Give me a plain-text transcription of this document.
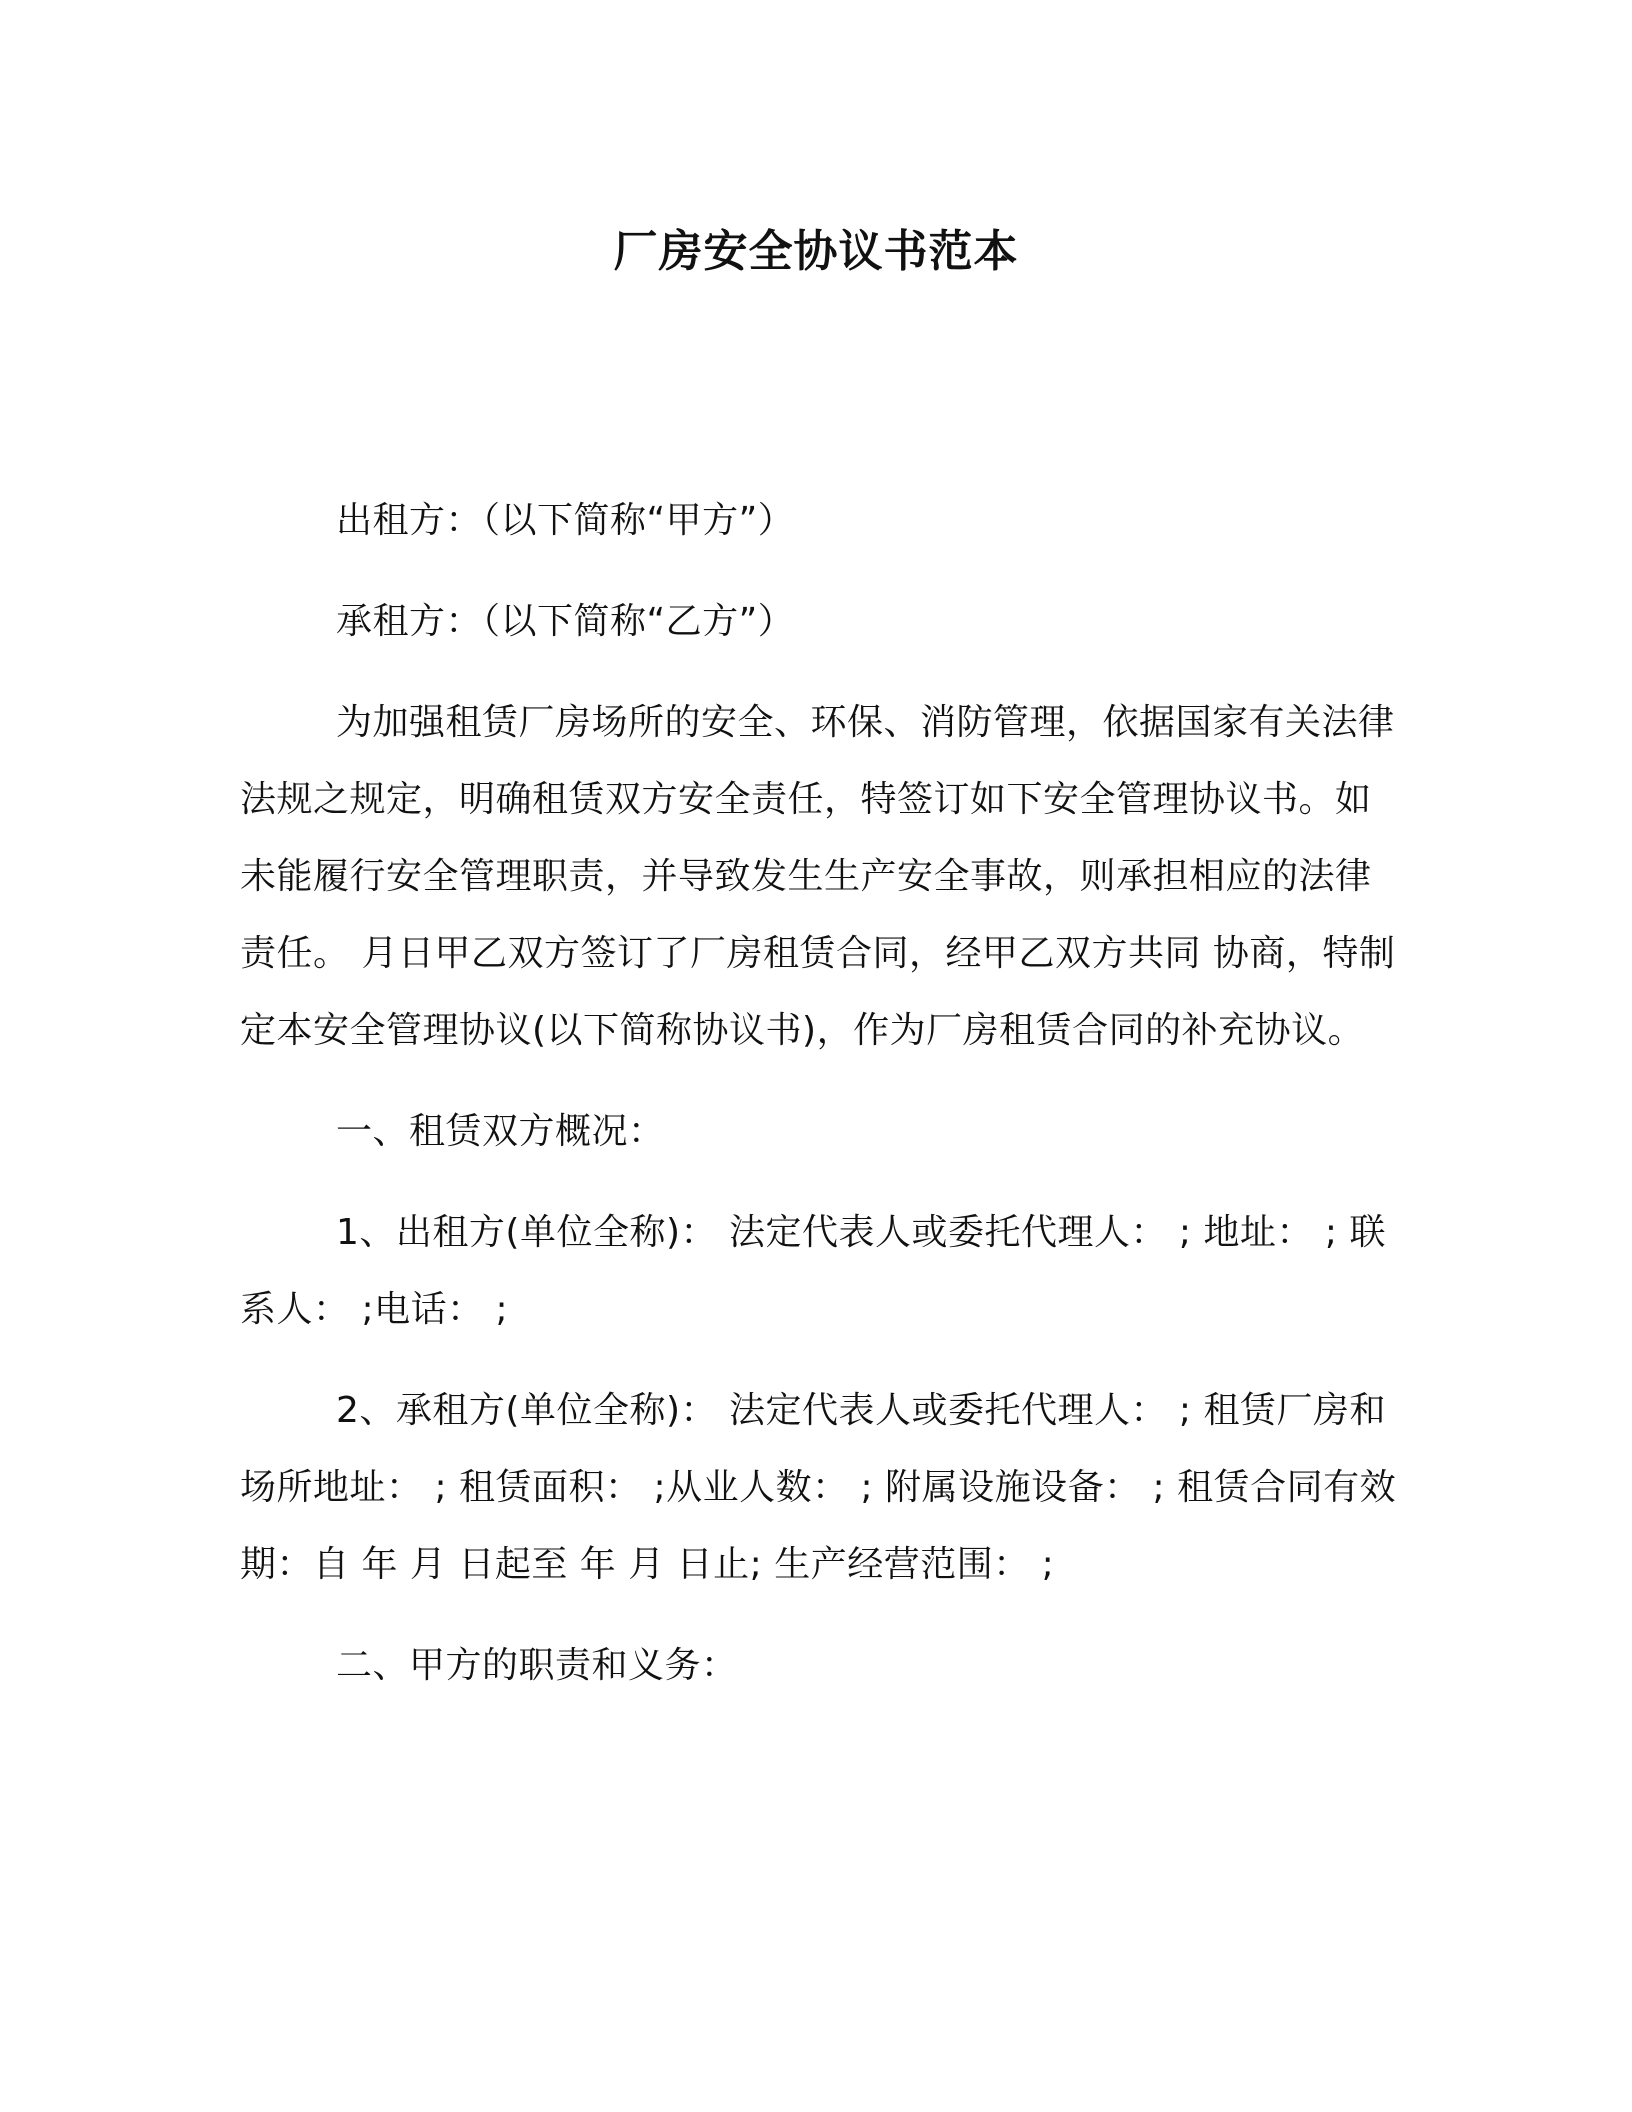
厂房安全协议书范本

出租方：（以下简称“甲方”）

承租方：（以下简称“乙方”）

为加强租赁厂房场所的安全、环保、消防管理，依据国家有关法律法规之规定，明确租赁双方安全责任，特签订如下安全管理协议书。如未能履行安全管理职责，并导致发生生产安全事故，则承担相应的法律责任。 月日甲乙双方签订了厂房租赁合同，经甲乙双方共同 协商，特制定本安全管理协议(以下简称协议书)，作为厂房租赁合同的补充协议。

一、租赁双方概况：

1、出租方(单位全称)： 法定代表人或委托代理人： ; 地址： ; 联系人： ;电话： ;

2、承租方(单位全称)： 法定代表人或委托代理人： ; 租赁厂房和场所地址： ; 租赁面积： ;从业人数： ; 附属设施设备： ; 租赁合同有效期：自 年 月 日起至 年 月 日止; 生产经营范围： ;

二、甲方的职责和义务：
